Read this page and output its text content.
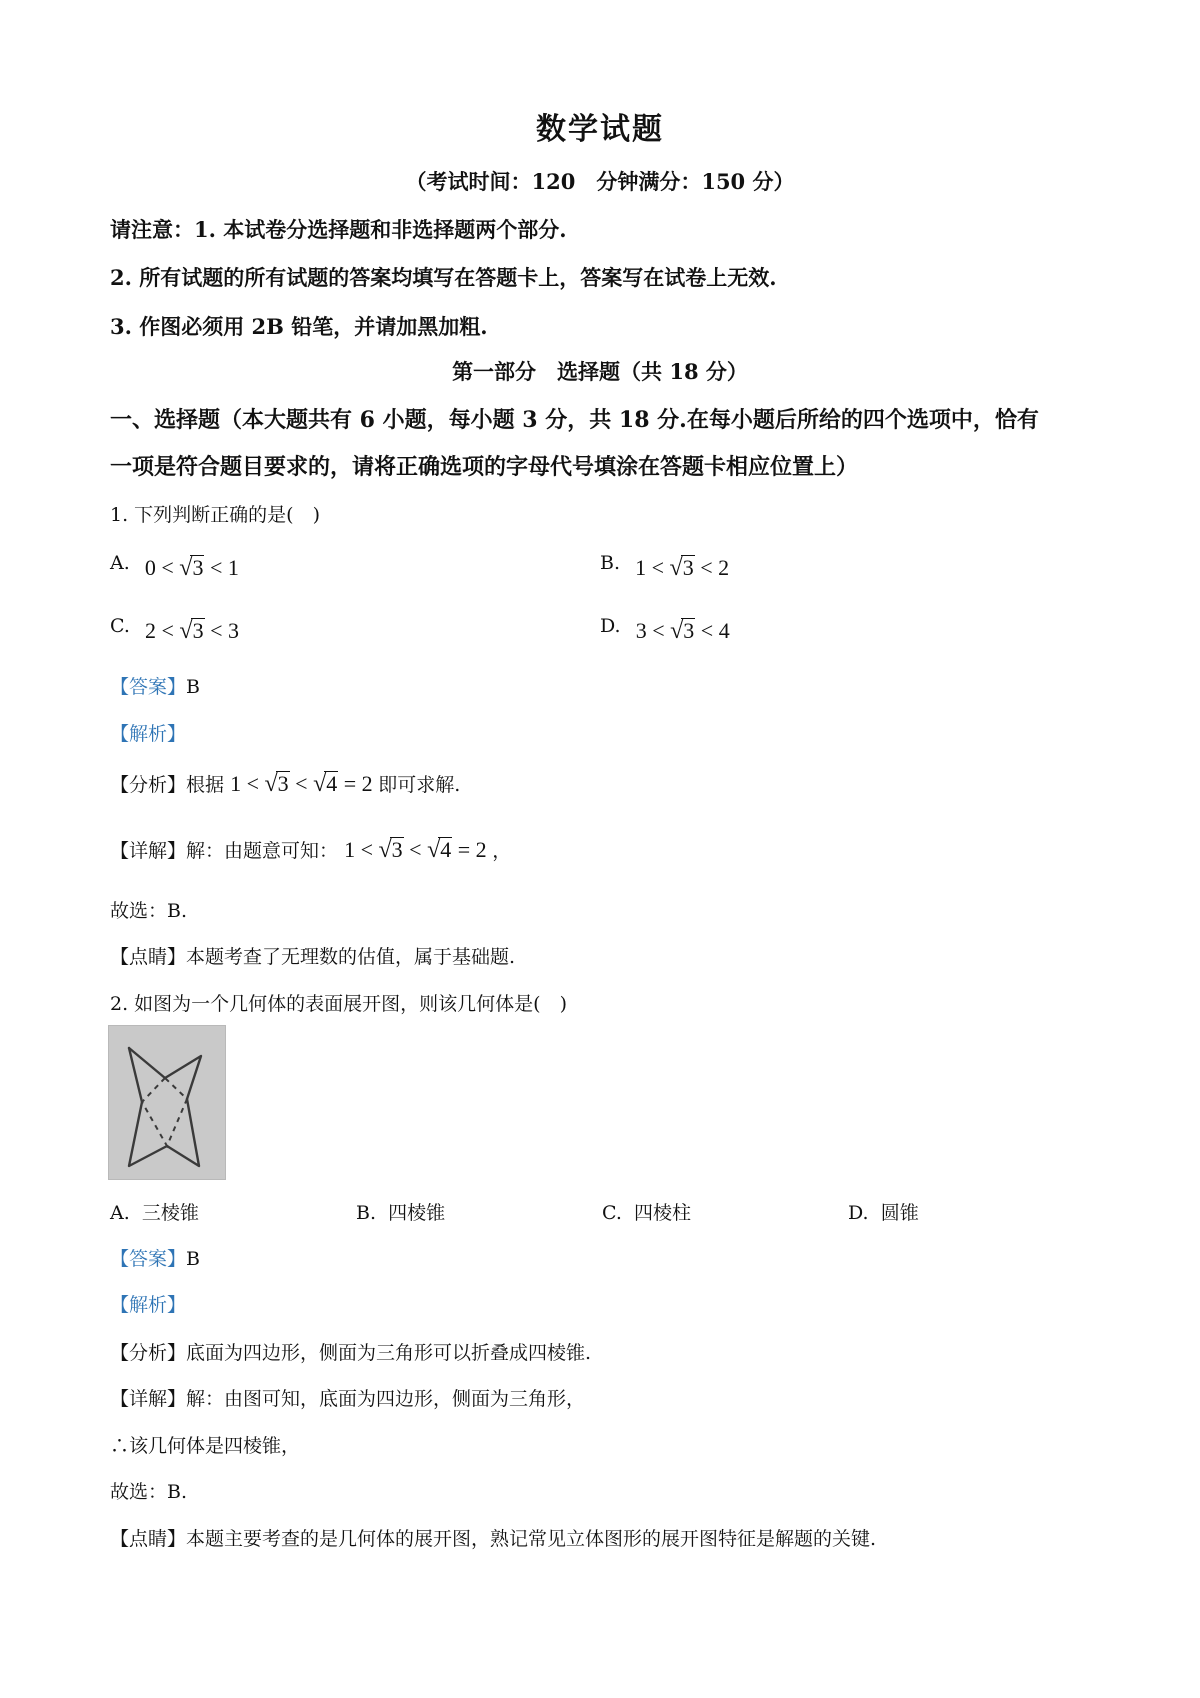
数学试题
（考试时间：120　分钟满分：150 分）
请注意：1. 本试卷分选择题和非选择题两个部分.
2. 所有试题的所有试题的答案均填写在答题卡上，答案写在试卷上无效.
3. 作图必须用 2B 铅笔，并请加黑加粗.
第一部分　选择题（共 18 分）
一、选择题（本大题共有 6 小题，每小题 3 分，共 18 分.在每小题后所给的四个选项中，恰有
一项是符合题目要求的，请将正确选项的字母代号填涂在答题卡相应位置上）
1. 下列判断正确的是(　)
A. 0 < √3 < 1	B. 1 < √3 < 2
C. 2 < √3 < 3	D. 3 < √3 < 4
【答案】B
【解析】
【分析】根据 1 < √3 < √4 = 2 即可求解.
【详解】解：由题意可知： 1 < √3 < √4 = 2 ，
故选：B.
【点睛】本题考查了无理数的估值，属于基础题.
2. 如图为一个几何体的表面展开图，则该几何体是(　)
A. 三棱锥	B. 四棱锥	C. 四棱柱	D. 圆锥
【答案】B
【解析】
【分析】底面为四边形，侧面为三角形可以折叠成四棱锥.
【详解】解：由图可知，底面为四边形，侧面为三角形，
∴该几何体是四棱锥，
故选：B.
【点睛】本题主要考查的是几何体的展开图，熟记常见立体图形的展开图特征是解题的关键.
